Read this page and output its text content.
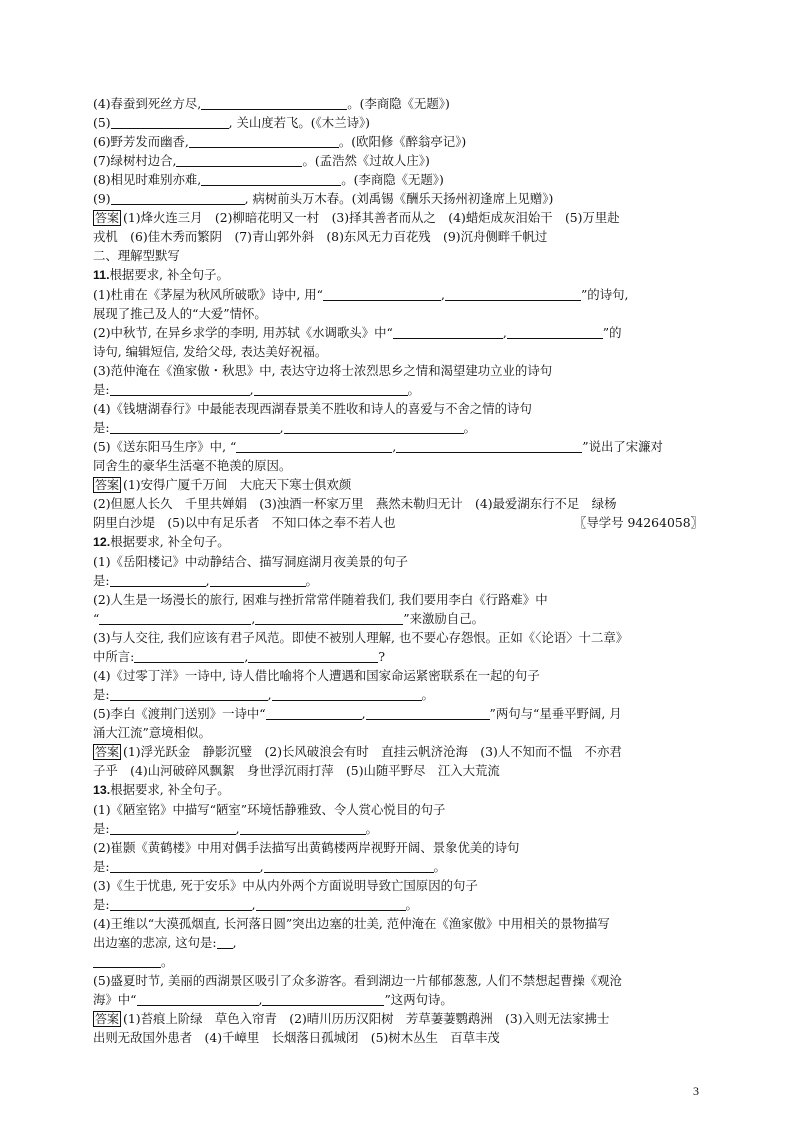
(4)春蚕到死丝方尽,	。(李商隐《无题》)
(5)	, 关山度若飞。(《木兰诗》)
(6)野芳发而幽香,	。(欧阳修《醉翁亭记》)
(7)绿树村边合,	。(孟浩然《过故人庄》)
(8)相见时难别亦难,	。(李商隐《无题》)
(9)	, 病树前头万木春。(刘禹锡《酬乐天扬州初逢席上见赠》)
答案 (1)烽火连三月　(2)柳暗花明又一村　(3)择其善者而从之　(4)蜡炬成灰泪始干　(5)万里赴
戎机　(6)佳木秀而繁阴　(7)青山郭外斜　(8)东风无力百花残　(9)沉舟侧畔千帆过
二、理解型默写
11.根据要求, 补全句子。
(1)杜甫在《茅屋为秋风所破歌》诗中, 用“	,	”的诗句,
展现了推己及人的“大爱”情怀。
(2)中秋节, 在异乡求学的李明, 用苏轼《水调歌头》中“	,	”的
诗句, 编辑短信, 发给父母, 表达美好祝福。
(3)范仲淹在《渔家傲・秋思》中, 表达守边将士浓烈思乡之情和渴望建功立业的诗句
是:	,	。
(4)《钱塘湖春行》中最能表现西湖春景美不胜收和诗人的喜爱与不舍之情的诗句
是:	,	。
(5)《送东阳马生序》中, “	,	”说出了宋濂对
同舍生的豪华生活毫不艳羡的原因。
答案 (1)安得广厦千万间　大庇天下寒士俱欢颜
(2)但愿人长久　千里共婵娟　(3)浊酒一杯家万里　燕然未勒归无计　(4)最爱湖东行不足　绿杨
阴里白沙堤　(5)以中有足乐者　不知口体之奉不若人也	〖导学号 94264058〗
12.根据要求, 补全句子。
(1)《岳阳楼记》中动静结合、描写洞庭湖月夜美景的句子
是:	,	。
(2)人生是一场漫长的旅行, 困难与挫折常常伴随着我们, 我们要用李白《行路难》中
“	,	”来激励自己。
(3)与人交往, 我们应该有君子风范。即使不被别人理解, 也不要心存怨恨。正如《〈论语〉十二章》
中所言:	,	?
(4)《过零丁洋》一诗中, 诗人借比喻将个人遭遇和国家命运紧密联系在一起的句子
是:	,	。
(5)李白《渡荆门送别》一诗中“	,	”两句与“星垂平野阔, 月
涌大江流”意境相似。
答案 (1)浮光跃金　静影沉璧　(2)长风破浪会有时　直挂云帆济沧海　(3)人不知而不愠　不亦君
子乎　(4)山河破碎风飘絮　身世浮沉雨打萍　(5)山随平野尽　江入大荒流
13.根据要求, 补全句子。
(1)《陋室铭》中描写“陋室”环境恬静雅致、令人赏心悦目的句子
是:	,	。
(2)崔颢《黄鹤楼》中用对偶手法描写出黄鹤楼两岸视野开阔、景象优美的诗句
是:	,	。
(3)《生于忧患, 死于安乐》中从内外两个方面说明导致亡国原因的句子
是:	,	。
(4)王维以“大漠孤烟直, 长河落日圆”突出边塞的壮美, 范仲淹在《渔家傲》中用相关的景物描写
出边塞的悲凉, 这句是: ,
。
(5)盛夏时节, 美丽的西湖景区吸引了众多游客。看到湖边一片郁郁葱葱, 人们不禁想起曹操《观沧
海》中“	,	”这两句诗。
答案 (1)苔痕上阶绿　草色入帘青　(2)晴川历历汉阳树　芳草萋萋鹦鹉洲　(3)入则无法家拂士
出则无敌国外患者　(4)千嶂里　长烟落日孤城闭　(5)树木丛生　百草丰茂
3
